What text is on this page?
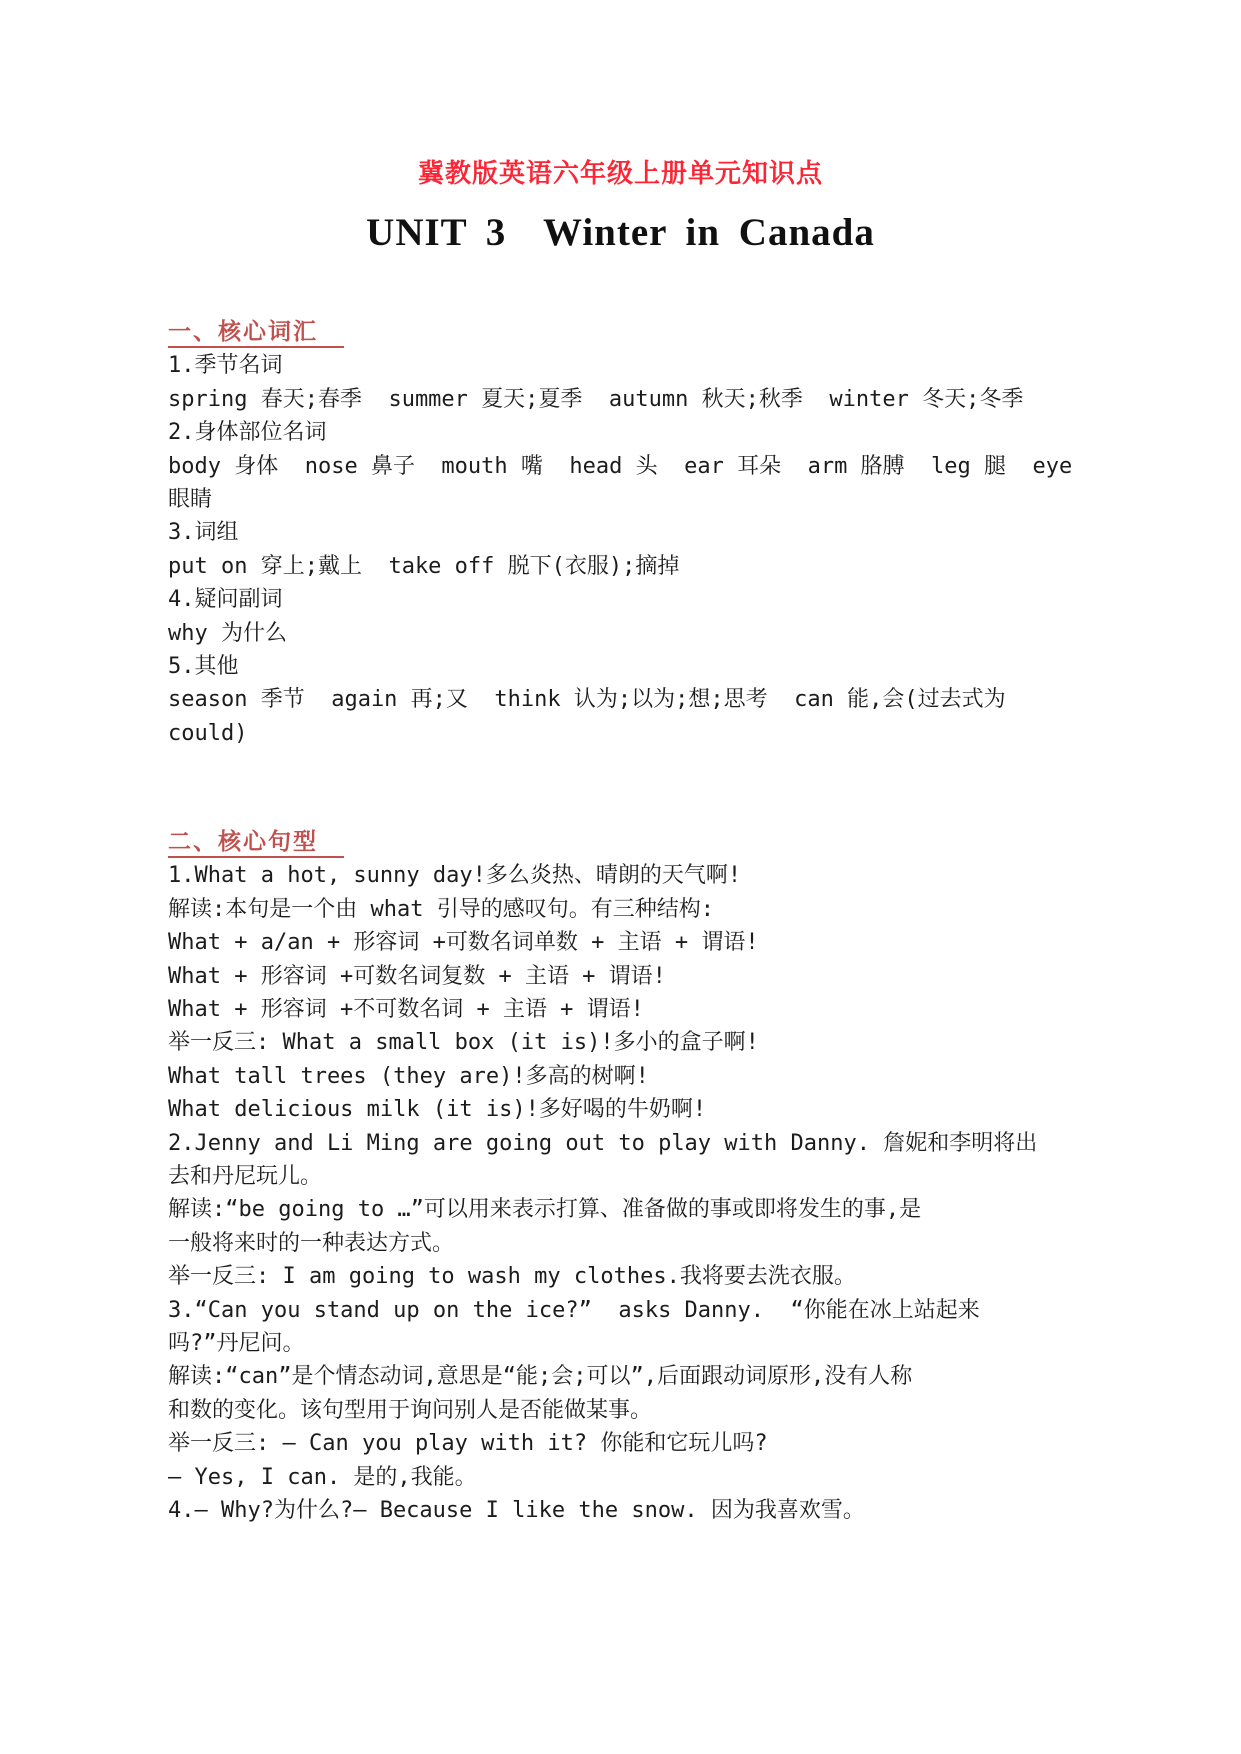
冀教版英语六年级上册单元知识点
UNIT 3  Winter in Canada
一、核心词汇
1.季节名词
spring 春天;春季  summer 夏天;夏季  autumn 秋天;秋季  winter 冬天;冬季
2.身体部位名词
body 身体  nose 鼻子  mouth 嘴  head 头  ear 耳朵  arm 胳膊  leg 腿  eye
眼睛
3.词组
put on 穿上;戴上  take off 脱下(衣服);摘掉
4.疑问副词
why 为什么
5.其他
season 季节  again 再;又  think 认为;以为;想;思考  can 能,会(过去式为
could)
二、核心句型
1.What a hot, sunny day!多么炎热、晴朗的天气啊!
解读:本句是一个由 what 引导的感叹句。有三种结构:
What + a/an + 形容词 +可数名词单数 + 主语 + 谓语!
What + 形容词 +可数名词复数 + 主语 + 谓语!
What + 形容词 +不可数名词 + 主语 + 谓语!
举一反三: What a small box (it is)!多小的盒子啊!
What tall trees (they are)!多高的树啊!
What delicious milk (it is)!多好喝的牛奶啊!
2.Jenny and Li Ming are going out to play with Danny. 詹妮和李明将出
去和丹尼玩儿。
解读:“be going to …”可以用来表示打算、准备做的事或即将发生的事,是
一般将来时的一种表达方式。
举一反三: I am going to wash my clothes.我将要去洗衣服。
3.“Can you stand up on the ice?”  asks Danny.  “你能在冰上站起来
吗?”丹尼问。
解读:“can”是个情态动词,意思是“能;会;可以”,后面跟动词原形,没有人称
和数的变化。该句型用于询问别人是否能做某事。
举一反三: — Can you play with it? 你能和它玩儿吗?
— Yes, I can. 是的,我能。
4.— Why?为什么?— Because I like the snow. 因为我喜欢雪。
